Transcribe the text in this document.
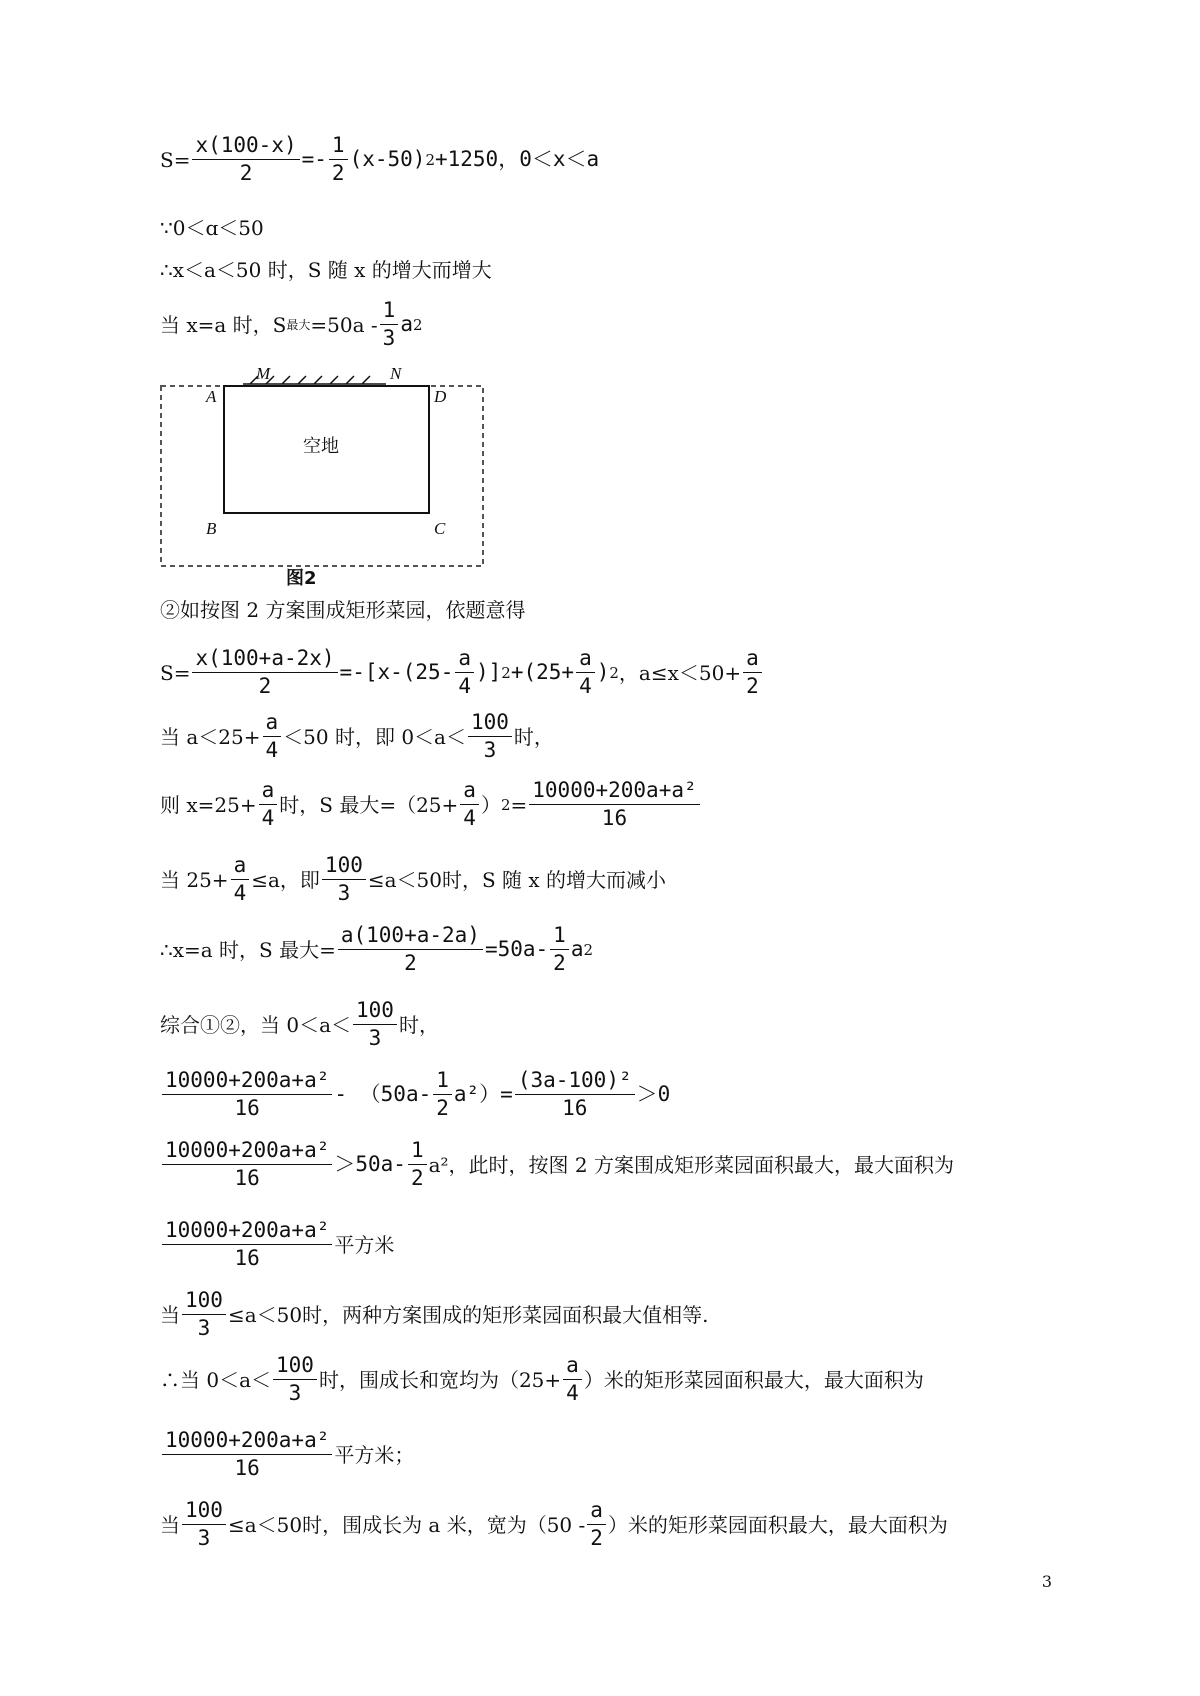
$S= \frac{x(100-x)}{2} =- \frac{1}{2} (x-50)$ 2 +1250，0＜x＜a
∵0＜ɑ＜50
∴x＜a＜50 时，S 随 x 的增大而增大
当 x=a 时，S 最大 $=50a - \frac{1}{3}$ a 2
M	N
A	D
B	C
空地
图2
②如按图 2 方案围成矩形菜园，依题意得
$S= \frac{x(100+a-2x)}{2} =-[x-(25- \frac{a}{4}$ )] $2 +(25+ \frac{a}{4}$ ) 2 ，$a\le x<50+ \frac{a}{2}$
当 $a<25+ \frac{a}{4} <50$ 时，即 $0<a< \frac{100}{3}$ 时，
则 $x=25+ \frac{a}{4}$ 时，S 最大$=(25+ \frac{a}{4}$ ） $2 = \frac{\text{10000+200a+a²}}{16}$
当 $25+ \frac{a}{4} \le a$，即 $\frac{100}{3} \le a<50$时，S 随 x 的增大而减小
∴x=a 时，S 最大= $\frac{a(100+a-2a)}{2} =50a- \frac{1}{2}$ a 2
综合①②，当 $0<a< \frac{100}{3}$ 时，
$\frac{\text{10000+200a+a²}}{16} - (50a- \frac{1}{2} a^2)= \frac{\text{(3a-100)²}}{16} >0$
$\frac{\text{10000+200a+a²}}{16} >50a- \frac{1}{2} a^2$，此时，按图 2 方案围成矩形菜园面积最大，最大面积为
$\frac{\text{10000+200a+a²}}{16}$ 平方米
当 $\frac{100}{3} \le a<50$时，两种方案围成的矩形菜园面积最大值相等.
∴当 $0<a< \frac{100}{3}$ 时，围成长和宽均为（$25+ \frac{a}{4}$ ）米的矩形菜园面积最大，最大面积为
$\frac{\text{10000+200a+a²}}{16}$ 平方米；
当 $\frac{100}{3} \le a<50$时，围成长为 a 米，宽为（$50 - \frac{a}{2}$ ）米的矩形菜园面积最大，最大面积为
3
